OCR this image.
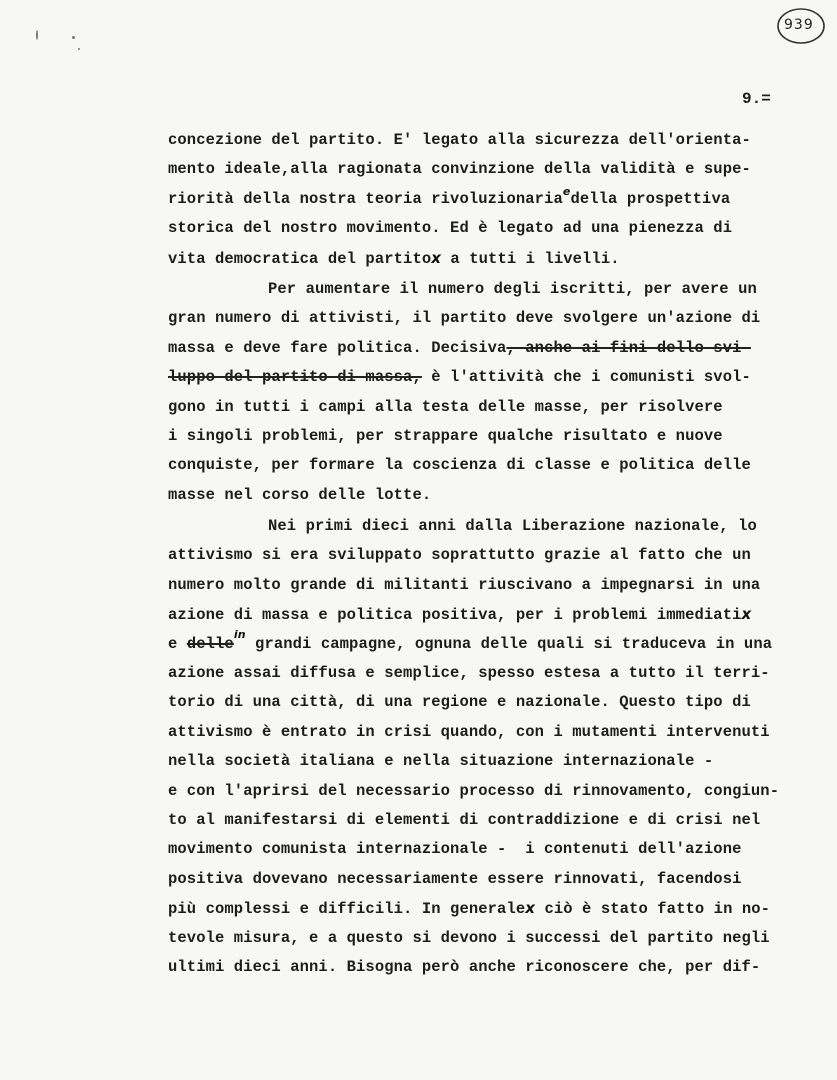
939
9.=
concezione del partito. E' legato alla sicurezza dell'orienta-
mento ideale,alla ragionata convinzione della validità e supe-
riorità della nostra teoria rivoluzionaria$^e$della prospettiva
storica del nostro movimento. Ed è legato ad una pienezza di
vita democratica del partitox a tutti i livelli.
Per aumentare il numero degli iscritti, per avere un
gran numero di attivisti, il partito deve svolgere un'azione di
massa e deve fare politica. Decisiva, anche ai fini dello svi-
luppo del partito di massa, è l'attività che i comunisti svol-
gono in tutti i campi alla testa delle masse, per risolvere
i singoli problemi, per strappare qualche risultato e nuove
conquiste, per formare la coscienza di classe e politica delle
masse nel corso delle lotte.
Nei primi dieci anni dalla Liberazione nazionale, lo
attivismo si era sviluppato soprattutto grazie al fatto che un
numero molto grande di militanti riuscivano a impegnarsi in una
azione di massa e politica positiva, per i problemi immediatix
e delle$^{in}$ grandi campagne, ognuna delle quali si traduceva in una
azione assai diffusa e semplice, spesso estesa a tutto il terri-
torio di una città, di una regione e nazionale. Questo tipo di
attivismo è entrato in crisi quando, con i mutamenti intervenuti
nella società italiana e nella situazione internazionale -
e con l'aprirsi del necessario processo di rinnovamento, congiun-
to al manifestarsi di elementi di contraddizione e di crisi nel
movimento comunista internazionale -  i contenuti dell'azione
positiva dovevano necessariamente essere rinnovati, facendosi
più complessi e difficili. In generalex ciò è stato fatto in no-
tevole misura, e a questo si devono i successi del partito negli
ultimi dieci anni. Bisogna però anche riconoscere che, per dif-
